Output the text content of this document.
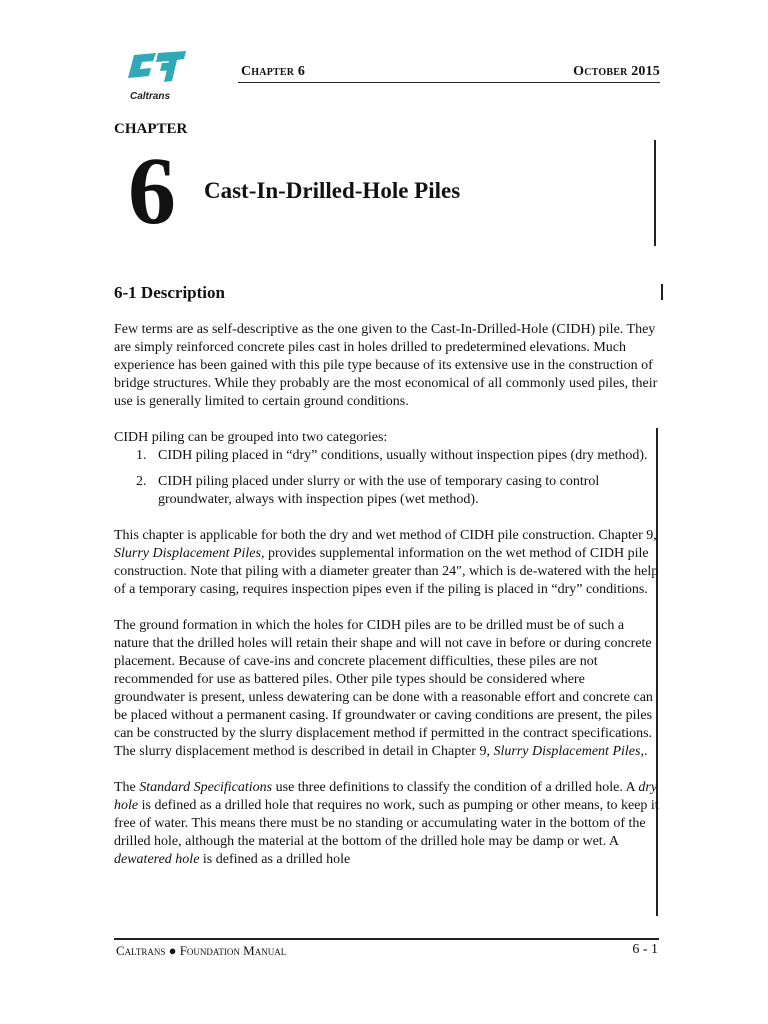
Caltrans
Chapter 6	October 2015
CHAPTER
6 Cast-In-Drilled-Hole Piles
6-1 Description

Few terms are as self-descriptive as the one given to the Cast-In-Drilled-Hole (CIDH) pile. They are simply reinforced concrete piles cast in holes drilled to predetermined elevations. Much experience has been gained with this pile type because of its extensive use in the construction of bridge structures. While they probably are the most economical of all commonly used piles, their use is generally limited to certain ground conditions.

CIDH piling can be grouped into two categories:

1. CIDH piling placed in “dry” conditions, usually without inspection pipes (dry method).
2. CIDH piling placed under slurry or with the use of temporary casing to control groundwater, always with inspection pipes (wet method).

This chapter is applicable for both the dry and wet method of CIDH pile construction. Chapter 9, Slurry Displacement Piles, provides supplemental information on the wet method of CIDH pile construction. Note that piling with a diameter greater than 24″, which is de-watered with the help of a temporary casing, requires inspection pipes even if the piling is placed in “dry” conditions.

The ground formation in which the holes for CIDH piles are to be drilled must be of such a nature that the drilled holes will retain their shape and will not cave in before or during concrete placement. Because of cave-ins and concrete placement difficulties, these piles are not recommended for use as battered piles. Other pile types should be considered where groundwater is present, unless dewatering can be done with a reasonable effort and concrete can be placed without a permanent casing. If groundwater or caving conditions are present, the piles can be constructed by the slurry displacement method if permitted in the contract specifications. The slurry displacement method is described in detail in Chapter 9, Slurry Displacement Piles,.

The Standard Specifications use three definitions to classify the condition of a drilled hole. A dry hole is defined as a drilled hole that requires no work, such as pumping or other means, to keep it free of water. This means there must be no standing or accumulating water in the bottom of the drilled hole, although the material at the bottom of the drilled hole may be damp or wet. A dewatered hole is defined as a drilled hole

Caltrans ● Foundation Manual	6 - 1
